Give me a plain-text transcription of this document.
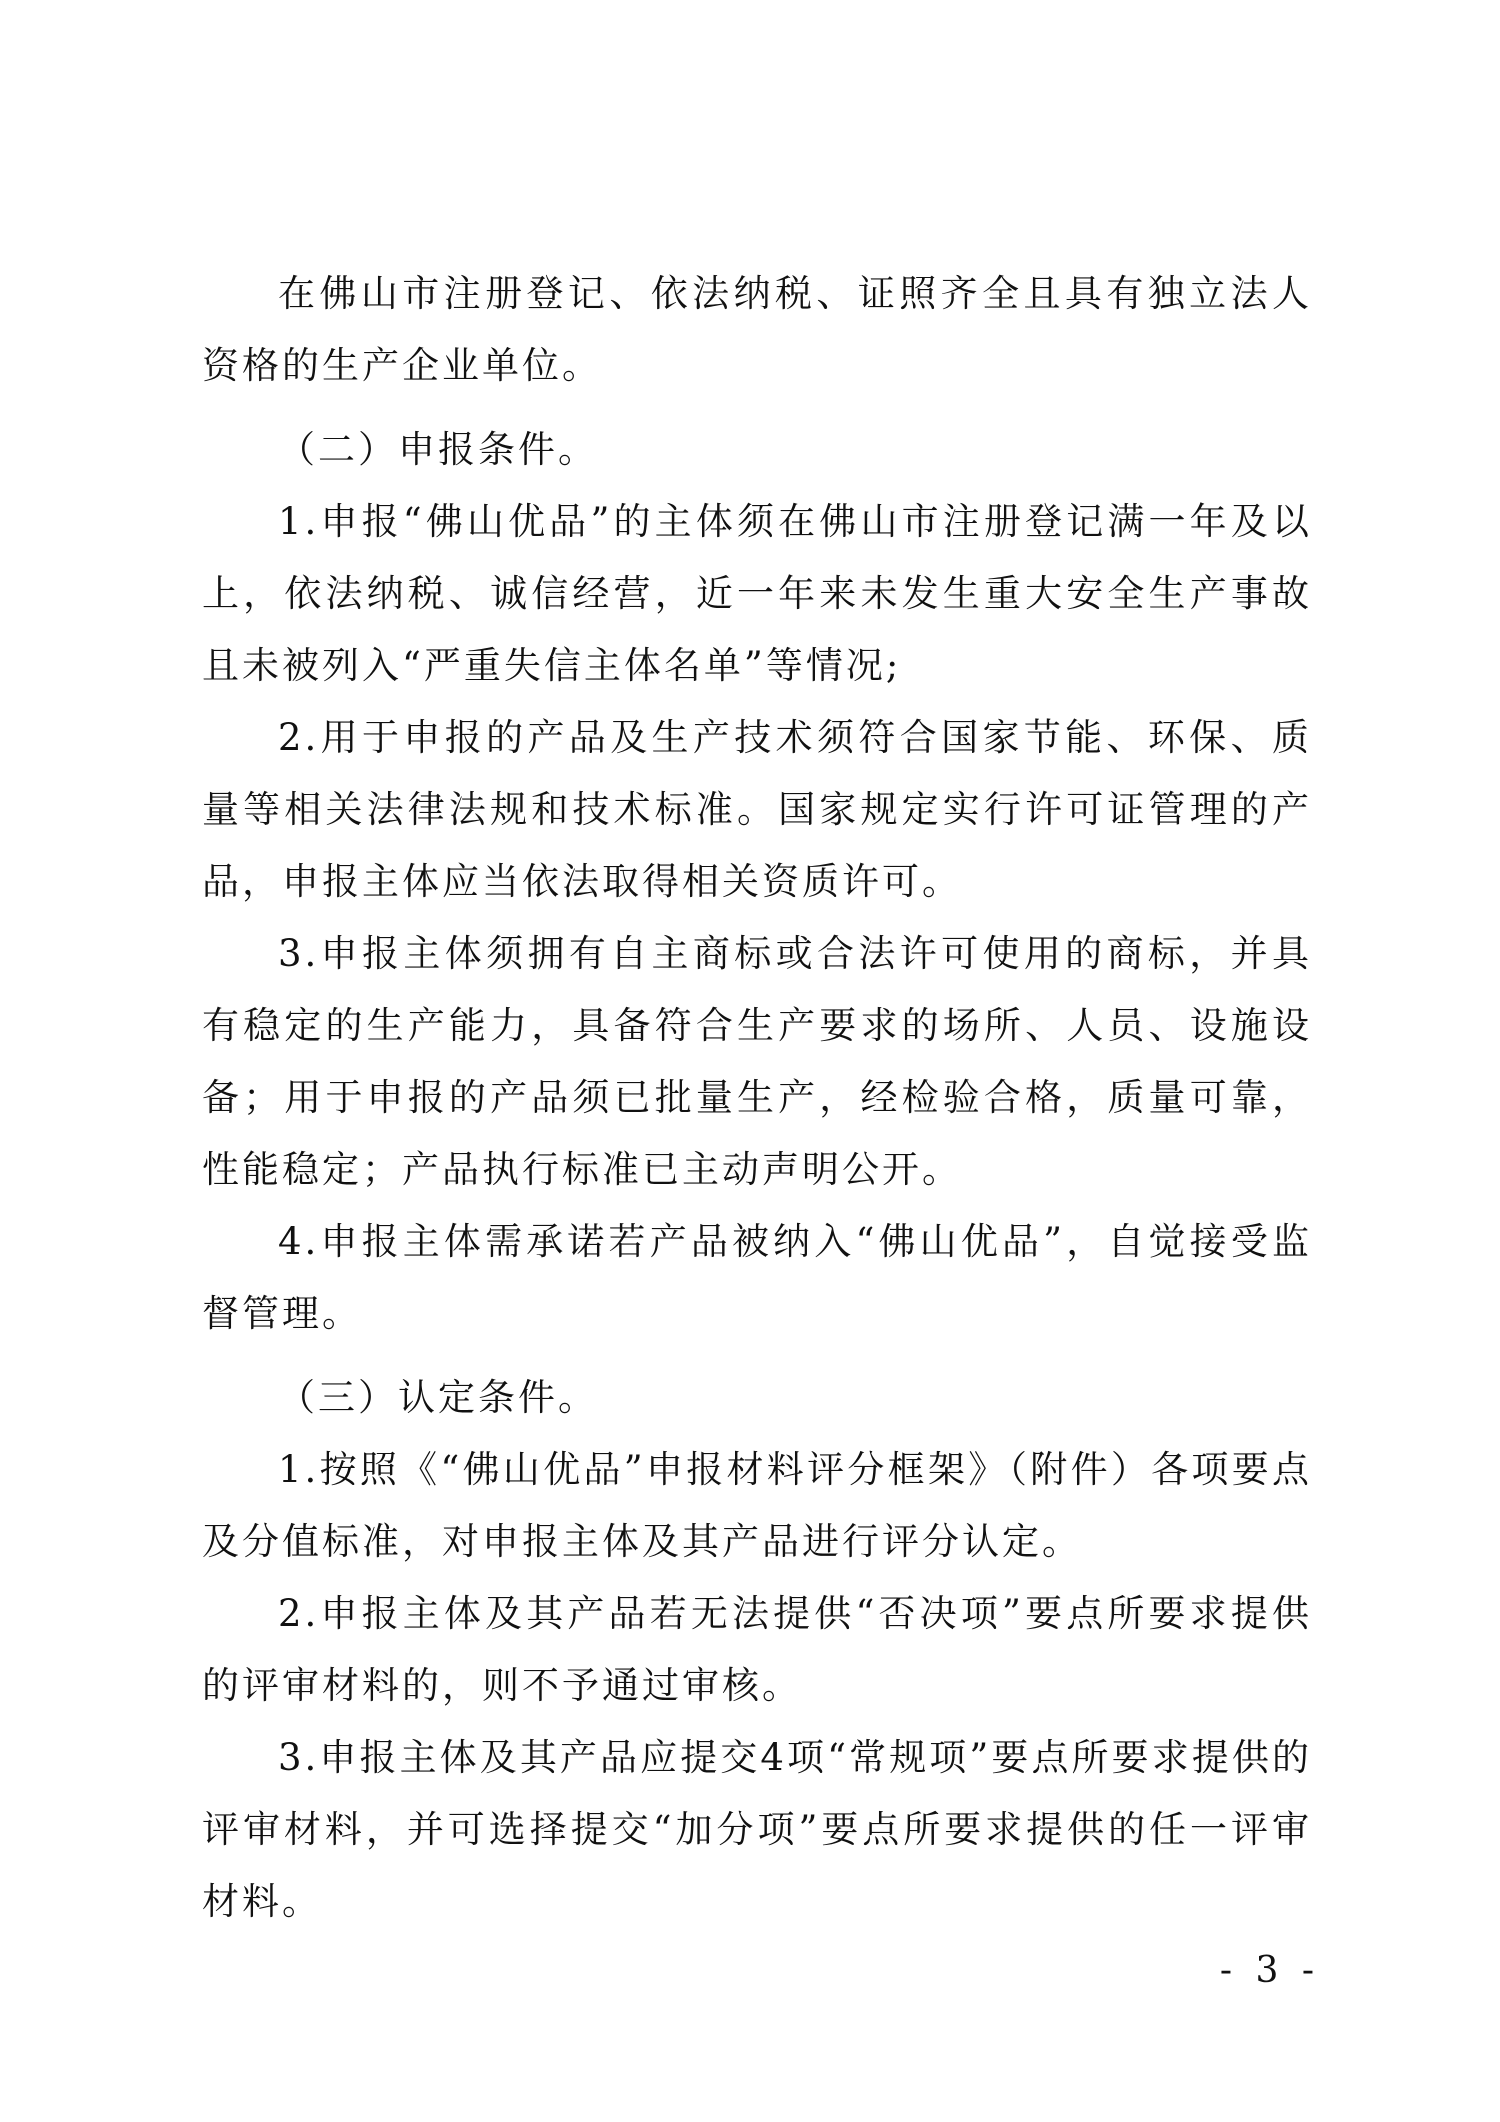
在佛山市注册登记、依法纳税、证照齐全且具有独立法人资格的生产企业单位。

（二）申报条件。

1.申报“佛山优品”的主体须在佛山市注册登记满一年及以上，依法纳税、诚信经营，近一年来未发生重大安全生产事故且未被列入“严重失信主体名单”等情况;

2.用于申报的产品及生产技术须符合国家节能、环保、质量等相关法律法规和技术标准。国家规定实行许可证管理的产品，申报主体应当依法取得相关资质许可。

3.申报主体须拥有自主商标或合法许可使用的商标，并具有稳定的生产能力，具备符合生产要求的场所、人员、设施设备；用于申报的产品须已批量生产，经检验合格，质量可靠，性能稳定；产品执行标准已主动声明公开。

4.申报主体需承诺若产品被纳入“佛山优品”，自觉接受监督管理。

（三）认定条件。

1.按照《“佛山优品”申报材料评分框架》（附件）各项要点及分值标准，对申报主体及其产品进行评分认定。

2.申报主体及其产品若无法提供“否决项”要点所要求提供的评审材料的，则不予通过审核。

3.申报主体及其产品应提交4项“常规项”要点所要求提供的评审材料，并可选择提交“加分项”要点所要求提供的任一评审材料。

- 3 -
